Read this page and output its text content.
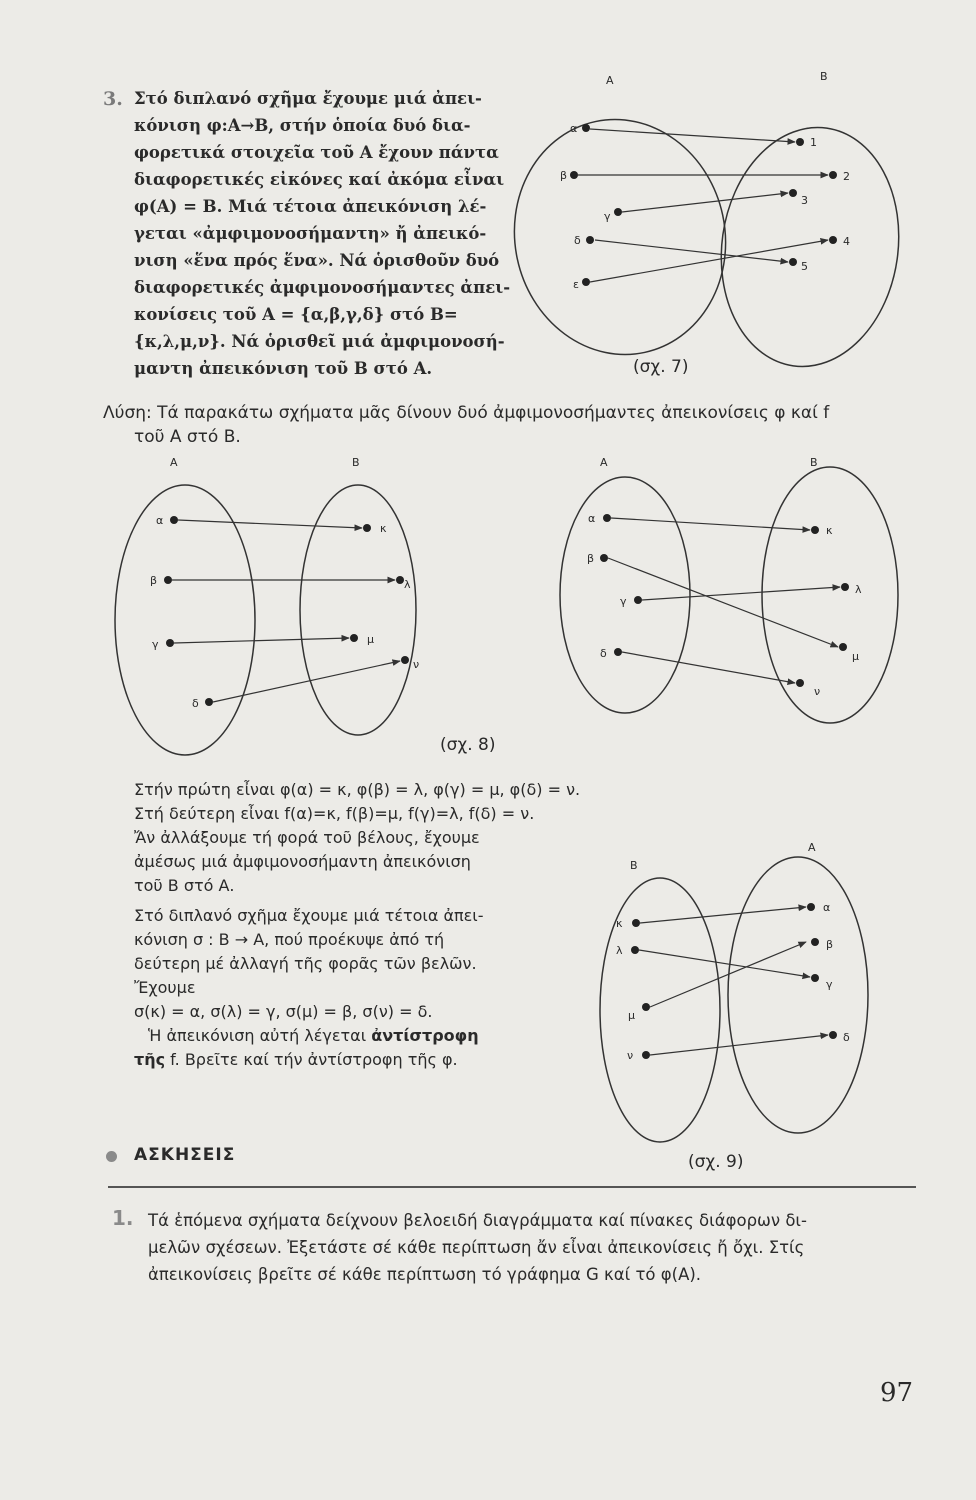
3. Στό διπλανό σχῆμα ἔχουμε μιά ἀπει-
κόνιση φ:Α→Β, στήν ὁποία δυό δια-
φορετικά στοιχεῖα τοῦ Α ἔχουν πάντα
διαφορετικές εἰκόνες καί ἀκόμα εἶναι
φ(Α) = Β. Μιά τέτοια ἀπεικόνιση λέ-
γεται «ἀμφιμονοσήμαντη» ἤ ἀπεικό-
νιση «ἕνα πρός ἕνα». Νά ὁρισθοῦν δυό
διαφορετικές ἀμφιμονοσήμαντες ἀπει-
κονίσεις τοῦ Α = {α,β,γ,δ} στό Β=
{κ,λ,μ,ν}. Νά ὁρισθεῖ μιά ἀμφιμονοσή-
μαντη ἀπεικόνιση τοῦ Β στό Α.
Α	Β
α
β
γ
δ
ε
1
2
3
4
5
(σχ. 7)
Λύση: Τά παρακάτω σχήματα μᾶς δίνουν δυό ἀμφιμονοσήμαντες ἀπεικονίσεις φ καί f
τοῦ Α στό Β.
Α	Β
α
β
γ
δ
κ
λ
μ
ν
Α	Β
α
β
γ
δ
κ
λ
μ
ν
(σχ. 8)
Στήν πρώτη εἶναι φ(α) = κ, φ(β) = λ, φ(γ) = μ, φ(δ) = ν.
Στή δεύτερη εἶναι f(α)=κ, f(β)=μ, f(γ)=λ, f(δ) = ν.
Ἄν ἀλλάξουμε τή φορά τοῦ βέλους, ἔχουμε
ἀμέσως μιά ἀμφιμονοσήμαντη ἀπεικόνιση
τοῦ Β στό Α.
Στό διπλανό σχῆμα ἔχουμε μιά τέτοια ἀπει-
κόνιση σ : Β → Α, πού προέκυψε ἀπό τή
δεύτερη μέ ἀλλαγή τῆς φορᾶς τῶν βελῶν.
Ἔχουμε
σ(κ) = α, σ(λ) = γ, σ(μ) = β, σ(ν) = δ.
Ἡ ἀπεικόνιση αὐτή λέγεται ἀντίστροφη
τῆς f. Βρεῖτε καί τήν ἀντίστροφη τῆς φ.
Β
Α
κ
λ
μ
ν
α
β
γ
δ
(σχ. 9)
ΑΣΚΗΣΕΙΣ
1. Τά ἑπόμενα σχήματα δείχνουν βελοειδή διαγράμματα καί πίνακες διάφορων δι-
μελῶν σχέσεων. Ἐξετάστε σέ κάθε περίπτωση ἄν εἶναι ἀπεικονίσεις ἤ ὄχι. Στίς
ἀπεικονίσεις βρεῖτε σέ κάθε περίπτωση τό γράφημα G καί τό φ(Α).
97
